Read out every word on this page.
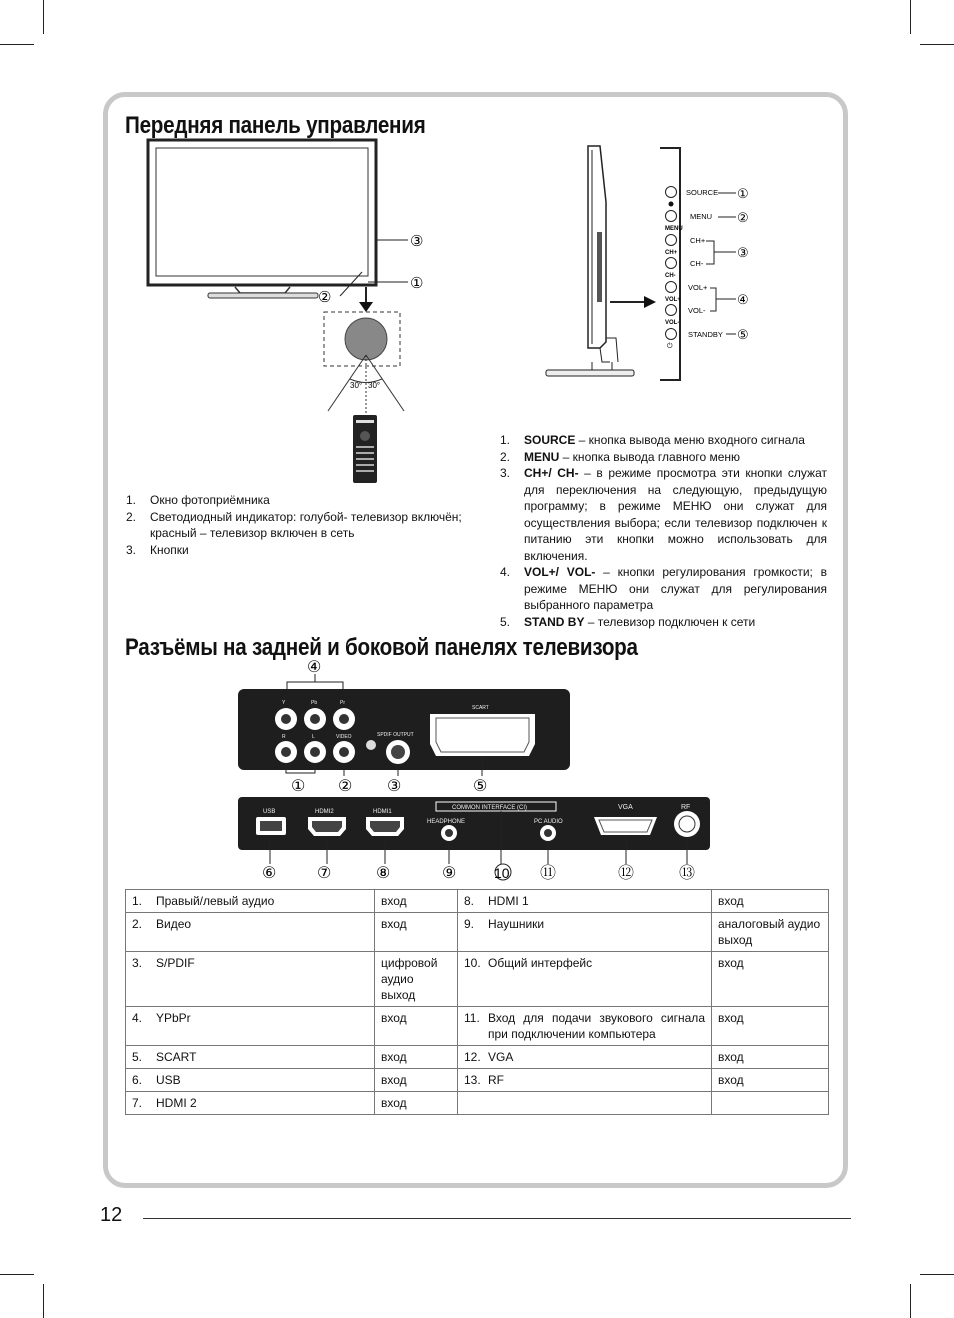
Передняя панель управления
③
①
②
30° 30°
MENU
CH+
CH-
VOL+
VOL-
⏻
SOURCE
MENU
CH+
CH-
VOL+
VOL-
STANDBY
①
②
③
④
⑤
1.	SOURCE – кнопка вывода меню входного сигнала
2.	MENU – кнопка вывода главного меню
3.	CH+/ CH- – в режиме просмотра эти кнопки служат для переключения на следующую, предыдущую программу; в режиме МЕНЮ они служат для осуществления выбора; если телевизор подключен к питанию эти кнопки можно использовать для включения.
4.	VOL+/ VOL- – кнопки регулирования громкости; в режиме МЕНЮ они служат для регулирования выбранного параметра
5.	STAND BY – телевизор подключен к сети
1.	Окно фотоприёмника
2.	Светодиодный индикатор: голубой- телевизор включён; красный – телевизор включен в сеть
3.	Кнопки
Разъёмы на задней и боковой панелях телевизора
④
Y	Pb	Pr
R	L	VIDEO	SPDIF OUTPUT
SCART
① ② ③	⑤
USB	HDMI2	HDMI1
COMMON INTERFACE (CI)
HEADPHONE	PC AUDIO
VGA	RF
⑥	⑦	⑧	⑨	10 ⑪	⑫	⑬
1. Правый/левый аудио	вход	8. HDMI 1	вход

2. Видео	вход	9. Наушники	аналоговый аудио выход

3. S/PDIF	цифровой аудио выход	10. Общий интерфейс	вход

4. YPbPr	вход	11. Вход для подачи звукового сигнала при подключении компьютера	вход

5. SCART	вход	12. VGA	вход

6. USB	вход	13. RF	вход

7. HDMI 2	вход	

12
